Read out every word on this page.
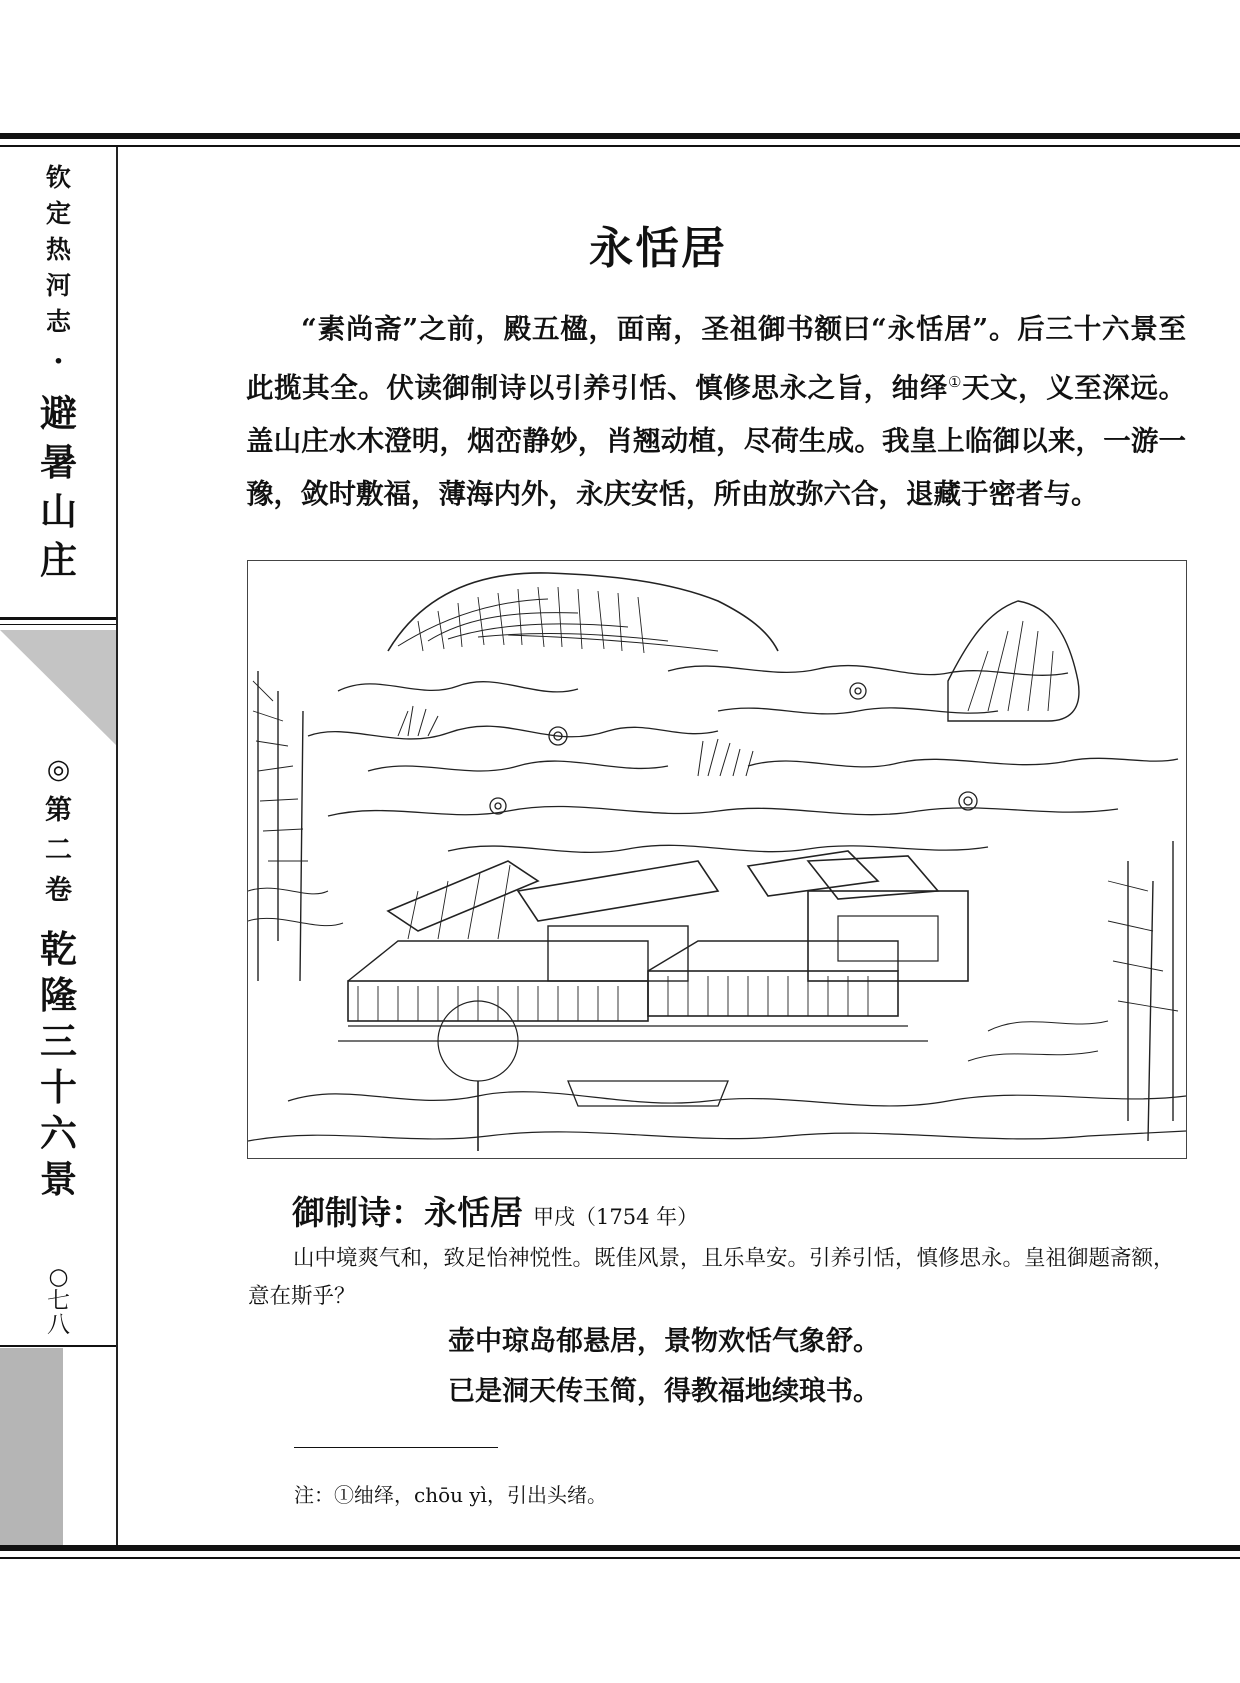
钦
定
热
河
志
·
避
暑
山
庄
◎
第
二
卷
乾
隆
三
十
六
景
○
七
八
永恬居

“素尚斋”之前，殿五楹，面南，圣祖御书额曰“永恬居”。后三十六景至此揽其全。伏读御制诗以引养引恬、慎修思永之旨，䌷绎①天文，义至深远。盖山庄水木澄明，烟峦静妙，肖翘动植，尽荷生成。我皇上临御以来，一游一豫，敛时敷福，薄海内外，永庆安恬，所由放弥六合，退藏于密者与。

御制诗：永恬居 甲戌（1754 年）

山中境爽气和，致足怡神悦性。既佳风景，且乐阜安。引养引恬，慎修思永。皇祖御题斋额，意在斯乎？

壶中琼岛郁悬居，景物欢恬气象舒。
已是洞天传玉简，得教福地续琅书。

注：①䌷绎，chōu yì，引出头绪。
